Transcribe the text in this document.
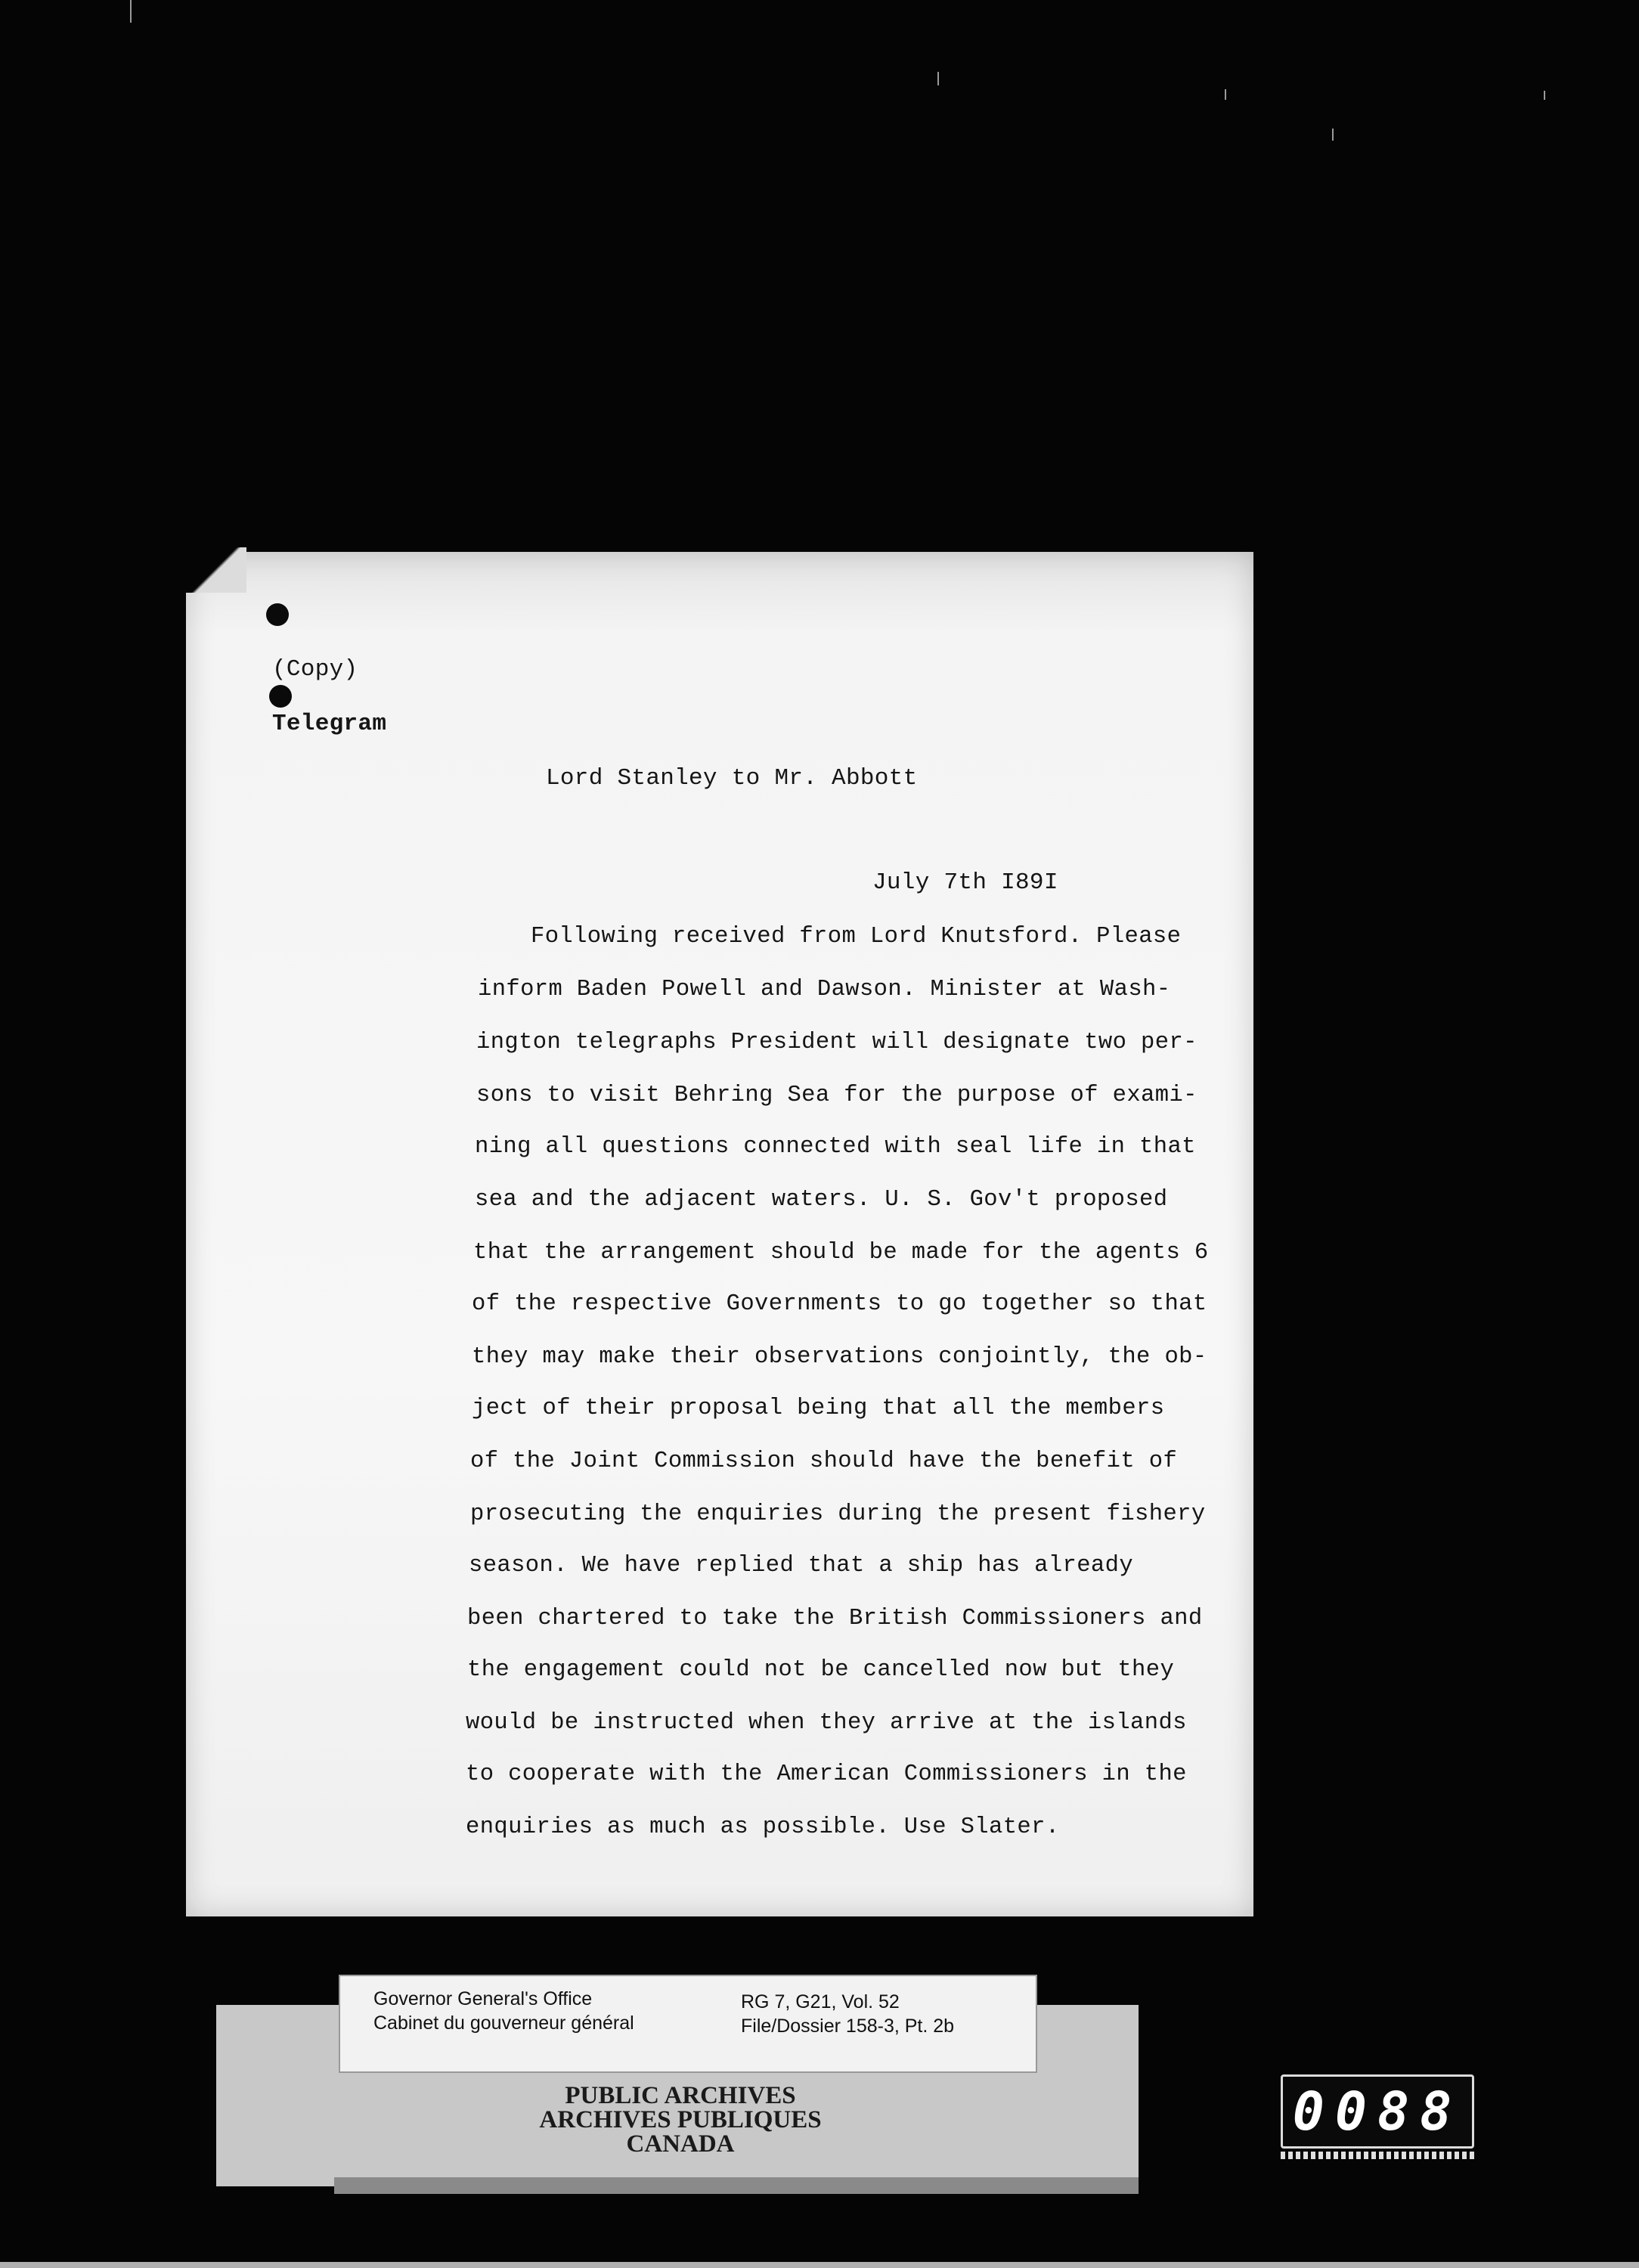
(Copy)
Telegram
Lord Stanley to Mr. Abbott
July 7th I89I
Following received from Lord Knutsford. Please
inform Baden Powell and Dawson. Minister at Wash-
ington telegraphs President will designate two per-
sons to visit Behring Sea for the purpose of exami-
ning all questions connected with seal life in that
sea and the adjacent waters. U. S. Gov't proposed
that the arrangement should be made for the agents 6
of the respective Governments to go together so that
they may make their observations conjointly, the ob-
ject of their proposal being that all the members
of the Joint Commission should have the benefit of
prosecuting the enquiries during the present fishery
season. We have replied that a ship has already
been chartered to take the British Commissioners and
the engagement could not be cancelled now but they
would be instructed when they arrive at the islands
to cooperate with the American Commissioners in the
enquiries as much as possible. Use Slater.
Governor General's Office
Cabinet du gouverneur général
RG 7, G21, Vol. 52
File/Dossier 158-3, Pt. 2b
PUBLIC ARCHIVES
ARCHIVES PUBLIQUES
CANADA
0088
